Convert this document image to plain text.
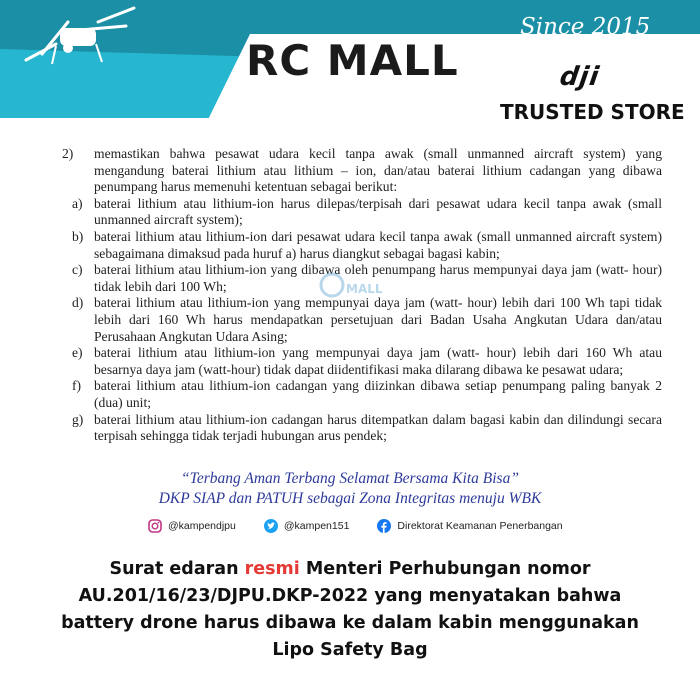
Since 2015
RC MALL	dji
TRUSTED STORE
2) memastikan bahwa pesawat udara kecil tanpa awak (small unmanned aircraft system) yang mengandung baterai lithium atau lithium – ion, dan/atau baterai lithium cadangan yang dibawa penumpang harus memenuhi ketentuan sebagai berikut:

a) baterai lithium atau lithium-ion harus dilepas/terpisah dari pesawat udara kecil tanpa awak (small unmanned aircraft system);

b) baterai lithium atau lithium-ion dari pesawat udara kecil tanpa awak (small unmanned aircraft system) sebagaimana dimaksud pada huruf a) harus diangkut sebagai bagasi kabin;

c) baterai lithium atau lithium-ion yang dibawa oleh penumpang harus mempunyai daya jam (watt- hour) tidak lebih dari 100 Wh;

d) baterai lithium atau lithium-ion yang mempunyai daya jam (watt- hour) lebih dari 100 Wh tapi tidak lebih dari 160 Wh harus mendapatkan persetujuan dari Badan Usaha Angkutan Udara dan/atau Perusahaan Angkutan Udara Asing;

e) baterai lithium atau lithium-ion yang mempunyai daya jam (watt- hour) lebih dari 160 Wh atau besarnya daya jam (watt-hour) tidak dapat diidentifikasi maka dilarang dibawa ke pesawat udara;

f) baterai lithium atau lithium-ion cadangan yang diizinkan dibawa setiap penumpang paling banyak 2 (dua) unit;

g) baterai lithium atau lithium-ion cadangan harus ditempatkan dalam bagasi kabin dan dilindungi secara terpisah sehingga tidak terjadi hubungan arus pendek;

MALL
“Terbang Aman Terbang Selamat Bersama Kita Bisa”
DKP SIAP dan PATUH sebagai Zona Integritas menuju WBK
@kampendjpu	@kampen151	Direktorat Keamanan Penerbangan
Surat edaran resmi Menteri Perhubungan nomor AU.201/16/23/DJPU.DKP-2022 yang menyatakan bahwa battery drone harus dibawa ke dalam kabin menggunakan Lipo Safety Bag
